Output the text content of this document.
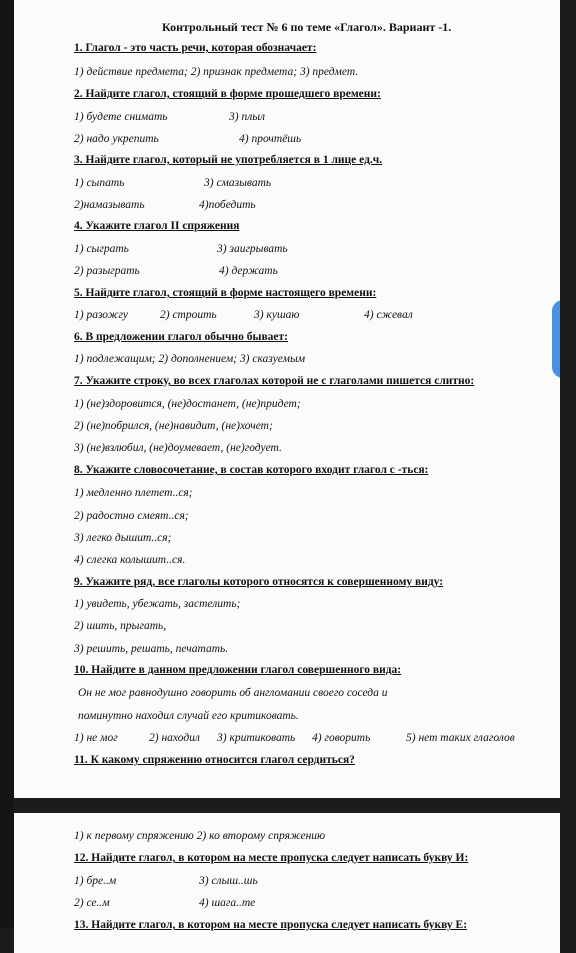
Контрольный тест № 6 по теме «Глагол». Вариант -1.
1. Глагол - это часть речи, которая обозначает:
1) действие предмета; 2) признак предмета; 3) предмет.
2. Найдите глагол, стоящий в форме прошедшего времени:
1) будете снимать	3) плыл
2) надо укрепить	4) прочтёшь
3. Найдите глагол, который не употребляется в 1 лице ед.ч.
1) сыпать	3) смазывать
2)намазывать	4)победить
4. Укажите глагол II спряжения
1) сыграть	3) заигрывать
2) разыграть	4) держать
5. Найдите глагол, стоящий в форме настоящего времени:
1) разожгу	2) строить	3) кушаю	4) сжевал
6. В предложении глагол обычно бывает:
1) подлежащим; 2) дополнением; 3) сказуемым
7. Укажите строку, во всех глаголах которой не с глаголами пишется слитно:
1) (не)здоровится, (не)достанет, (не)придет;
2) (не)побрился, (не)навидит, (не)хочет;
3) (не)взлюбил, (не)доумевает, (не)годует.
8. Укажите словосочетание, в состав которого входит глагол с -ться:
1) медленно плетет..ся;
2) радостно смеят..ся;
3) легко дышит..ся;
4) слегка колышит..ся.
9. Укажите ряд, все глаголы которого относятся к совершенному виду:
1) увидеть, убежать, застелить;
2) шить, прыгать,
3) решить, решать, печатать.
10. Найдите в данном предложении глагол совершенного вида:
Он не мог равнодушно говорить об англомании своего соседа и
поминутно находил случай его критиковать.
1) не мог	2) находил 3) критиковать 4) говорить	5) нет таких глаголов
11. К какому спряжению относится глагол сердиться?
1) к первому спряжению 2) ко второму спряжению
12. Найдите глагол, в котором на месте пропуска следует написать букву И:
1) бре..м	3) слыш..шь
2) се..м	4) шага..те
13. Найдите глагол, в котором на месте пропуска следует написать букву Е:
